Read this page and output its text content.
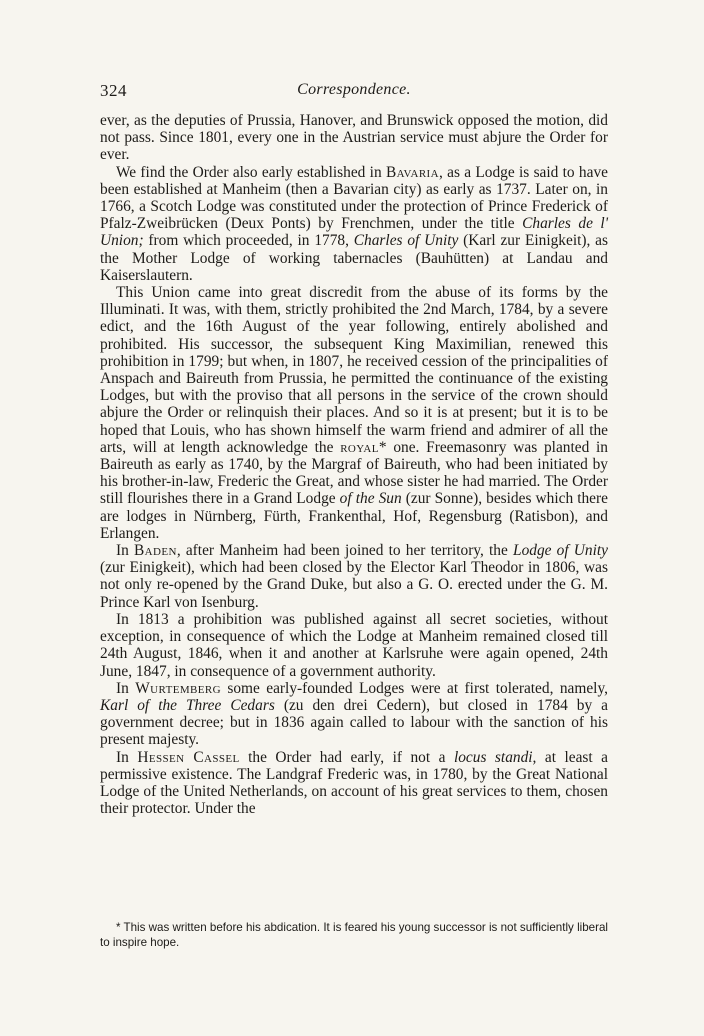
324	Correspondence.

ever, as the deputies of Prussia, Hanover, and Brunswick opposed the motion, did not pass. Since 1801, every one in the Austrian service must abjure the Order for ever.

We find the Order also early established in Bavaria, as a Lodge is said to have been established at Manheim (then a Bavarian city) as early as 1737. Later on, in 1766, a Scotch Lodge was constituted under the protection of Prince Frederick of Pfalz-Zweibrücken (Deux Ponts) by Frenchmen, under the title Charles de l' Union; from which proceeded, in 1778, Charles of Unity (Karl zur Einigkeit), as the Mother Lodge of working tabernacles (Bauhütten) at Landau and Kaiserslautern.

This Union came into great discredit from the abuse of its forms by the Illuminati. It was, with them, strictly prohibited the 2nd March, 1784, by a severe edict, and the 16th August of the year following, entirely abolished and prohibited. His successor, the subsequent King Maximilian, renewed this prohibition in 1799; but when, in 1807, he received cession of the principalities of Anspach and Baireuth from Prussia, he permitted the continuance of the existing Lodges, but with the proviso that all persons in the service of the crown should abjure the Order or relinquish their places. And so it is at present; but it is to be hoped that Louis, who has shown himself the warm friend and admirer of all the arts, will at length acknowledge the royal* one. Freemasonry was planted in Baireuth as early as 1740, by the Margraf of Baireuth, who had been initiated by his brother-in-law, Frederic the Great, and whose sister he had married. The Order still flourishes there in a Grand Lodge of the Sun (zur Sonne), besides which there are lodges in Nürnberg, Fürth, Frankenthal, Hof, Regensburg (Ratisbon), and Erlangen.

In Baden, after Manheim had been joined to her territory, the Lodge of Unity (zur Einigkeit), which had been closed by the Elector Karl Theodor in 1806, was not only re-opened by the Grand Duke, but also a G. O. erected under the G. M. Prince Karl von Isenburg.

In 1813 a prohibition was published against all secret societies, without exception, in consequence of which the Lodge at Manheim remained closed till 24th August, 1846, when it and another at Karlsruhe were again opened, 24th June, 1847, in consequence of a government authority.

In Wurtemberg some early-founded Lodges were at first tolerated, namely, Karl of the Three Cedars (zu den drei Cedern), but closed in 1784 by a government decree; but in 1836 again called to labour with the sanction of his present majesty.

In Hessen Cassel the Order had early, if not a locus standi, at least a permissive existence. The Landgraf Frederic was, in 1780, by the Great National Lodge of the United Netherlands, on account of his great services to them, chosen their protector. Under the

* This was written before his abdication. It is feared his young successor is not sufficiently liberal to inspire hope.
